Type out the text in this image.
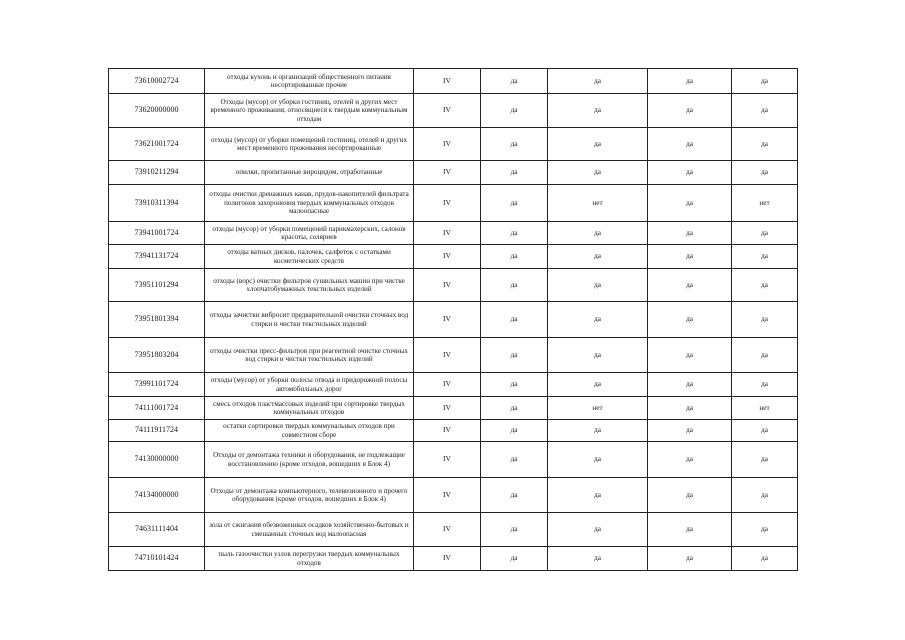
73610002724	отходы кухонь и организаций общественного питания несортированные прочие	IV	да	да	да	да
73620000000	Отходы (мусор) от уборки гостиниц, отелей и других мест временного проживания, относящиеся к твердым коммунальным отходам	IV	да	да	да	да
73621001724	отходы (мусор) от уборки помещений гостиниц, отелей и других мест временного проживания несортированные	IV	да	да	да	да
73910211294	опилки, пропитанные вироцидом, отработанные	IV	да	да	да	да
73910311394	отходы очистки дренажных канав, прудов-накопителей фильтрата полигонов захоронения твердых коммунальных отходов малоопасные	IV	да	нет	да	нет
73941001724	отходы (мусор) от уборки помещений парикмахерских, салонов красоты, соляриев	IV	да	да	да	да
73941131724	отходы ватных дисков, палочек, салфеток с остатками косметических средств	IV	да	да	да	да
73951101294	отходы (ворс) очистки фильтров сушильных машин при чистке хлопчатобумажных текстильных изделий	IV	да	да	да	да
73951801394	отходы зачистки вибросит предварительной очистки сточных вод стирки и чистки текстильных изделий	IV	да	да	да	да
73951803204	отходы очистки пресс-фильтров при реагентной очистке сточных вод стирки и чистки текстильных изделий	IV	да	да	да	да
73991101724	отходы (мусор) от уборки полосы отвода и придорожной полосы автомобильных дорог	IV	да	да	да	да
74111001724	смесь отходов пластмассовых изделий при сортировке твердых коммунальных отходов	IV	да	нет	да	нет
74111911724	остатки сортировки твердых коммунальных отходов при совместном сборе	IV	да	да	да	да
74130000000	Отходы от демонтажа техники и оборудования, не подлежащие восстановлению (кроме отходов, вошедших в Блок 4)	IV	да	да	да	да
74134000000	Отходы от демонтажа компьютерного, телевизионного и прочего оборудования (кроме отходов, вошедших в Блок 4)	IV	да	да	да	да
74631111404	зола от сжигания обезвоженных осадков хозяйственно-бытовых и смешанных сточных вод малоопасная	IV	да	да	да	да
74710101424	пыль газоочистки узлов перегрузки твердых коммунальных отходов	IV	да	да	да	да
